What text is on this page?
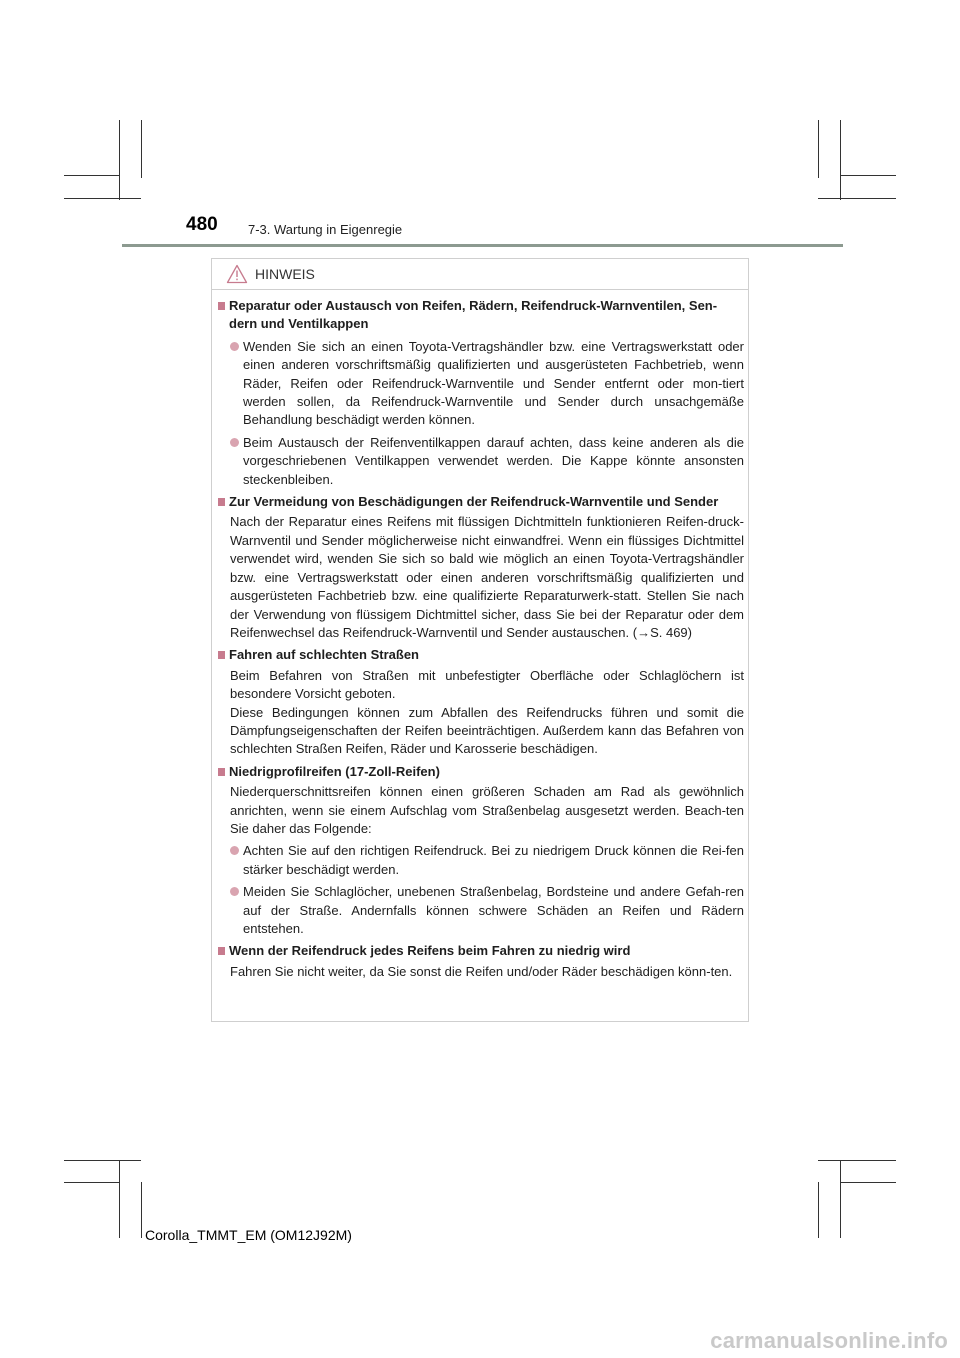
480 7-3. Wartung in Eigenregie
HINWEIS
Reparatur oder Austausch von Reifen, Rädern, Reifendruck-Warnventilen, Sen-dern und Ventilkappen
Wenden Sie sich an einen Toyota-Vertragshändler bzw. eine Vertragswerkstatt oder einen anderen vorschriftsmäßig qualifizierten und ausgerüsteten Fachbetrieb, wenn Räder, Reifen oder Reifendruck-Warnventile und Sender entfernt oder mon-tiert werden sollen, da Reifendruck-Warnventile und Sender durch unsachgemäße Behandlung beschädigt werden können.
Beim Austausch der Reifenventilkappen darauf achten, dass keine anderen als die vorgeschriebenen Ventilkappen verwendet werden. Die Kappe könnte ansonsten steckenbleiben.
Zur Vermeidung von Beschädigungen der Reifendruck-Warnventile und Sender
Nach der Reparatur eines Reifens mit flüssigen Dichtmitteln funktionieren Reifen-druck-Warnventil und Sender möglicherweise nicht einwandfrei. Wenn ein flüssiges Dichtmittel verwendet wird, wenden Sie sich so bald wie möglich an einen Toyota-Vertragshändler bzw. eine Vertragswerkstatt oder einen anderen vorschriftsmäßig qualifizierten und ausgerüsteten Fachbetrieb bzw. eine qualifizierte Reparaturwerk-statt. Stellen Sie nach der Verwendung von flüssigem Dichtmittel sicher, dass Sie bei der Reparatur oder dem Reifenwechsel das Reifendruck-Warnventil und Sender austauschen. (→S. 469)
Fahren auf schlechten Straßen
Beim Befahren von Straßen mit unbefestigter Oberfläche oder Schlaglöchern ist besondere Vorsicht geboten.
Diese Bedingungen können zum Abfallen des Reifendrucks führen und somit die Dämpfungseigenschaften der Reifen beeinträchtigen. Außerdem kann das Befahren von schlechten Straßen Reifen, Räder und Karosserie beschädigen.
Niedrigprofilreifen (17-Zoll-Reifen)
Niederquerschnittsreifen können einen größeren Schaden am Rad als gewöhnlich anrichten, wenn sie einem Aufschlag vom Straßenbelag ausgesetzt werden. Beach-ten Sie daher das Folgende:
Achten Sie auf den richtigen Reifendruck. Bei zu niedrigem Druck können die Rei-fen stärker beschädigt werden.
Meiden Sie Schlaglöcher, unebenen Straßenbelag, Bordsteine und andere Gefah-ren auf der Straße. Andernfalls können schwere Schäden an Reifen und Rädern entstehen.
Wenn der Reifendruck jedes Reifens beim Fahren zu niedrig wird
Fahren Sie nicht weiter, da Sie sonst die Reifen und/oder Räder beschädigen könn-ten.
Corolla_TMMT_EM (OM12J92M)
carmanualsonline.info
